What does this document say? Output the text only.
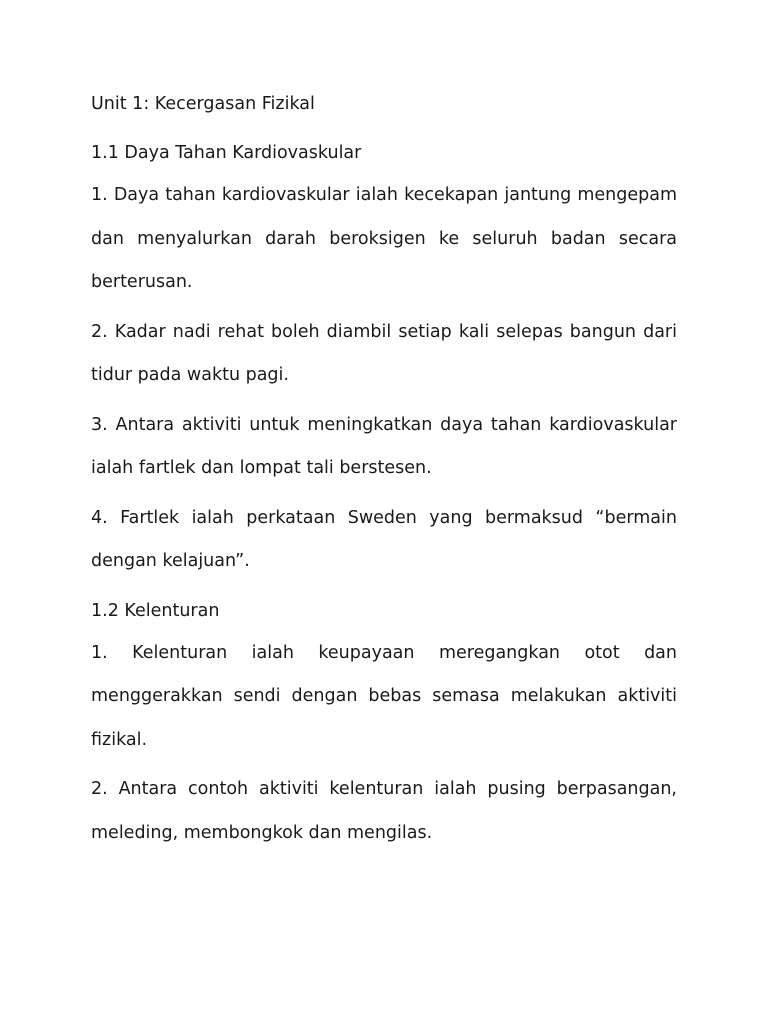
Unit 1: Kecergasan Fizikal
1.1 Daya Tahan Kardiovaskular

1. Daya tahan kardiovaskular ialah kecekapan jantung mengepam dan menyalurkan darah beroksigen ke seluruh badan secara berterusan.

2. Kadar nadi rehat boleh diambil setiap kali selepas bangun dari tidur pada waktu pagi.

3. Antara aktiviti untuk meningkatkan daya tahan kardiovaskular ialah fartlek dan lompat tali berstesen.

4. Fartlek ialah perkataan Sweden yang bermaksud “bermain dengan kelajuan”.

1.2 Kelenturan

1. Kelenturan ialah keupayaan meregangkan otot dan menggerakkan sendi dengan bebas semasa melakukan aktiviti fizikal.

2. Antara contoh aktiviti kelenturan ialah pusing berpasangan, meleding, membongkok dan mengilas.
